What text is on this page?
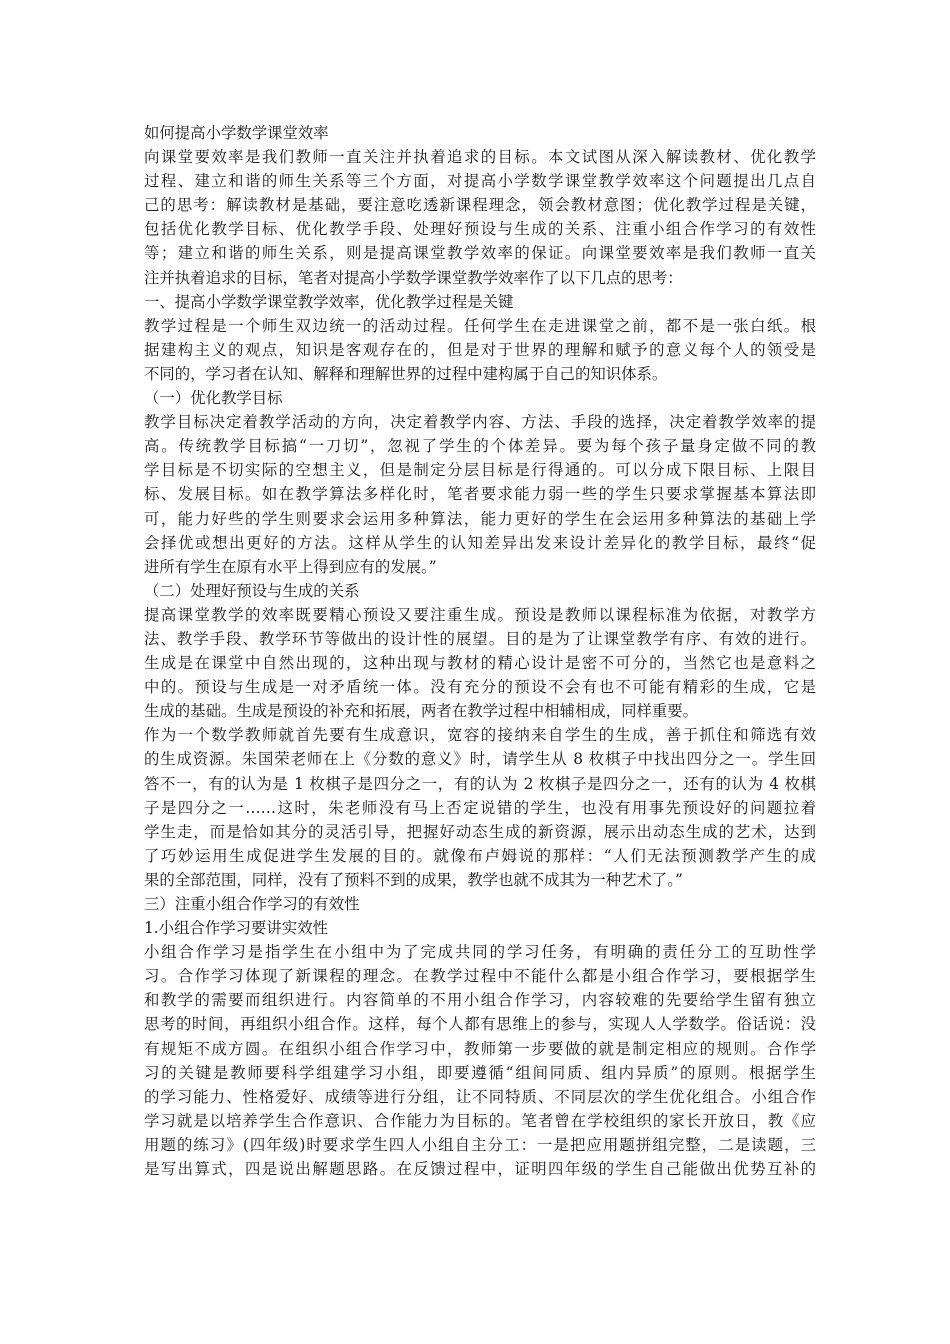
如何提高小学数学课堂效率
向课堂要效率是我们教师一直关注并执着追求的目标。本文试图从深入解读教材、优化教学
过程、建立和谐的师生关系等三个方面，对提高小学数学课堂教学效率这个问题提出几点自
己的思考：解读教材是基础，要注意吃透新课程理念，领会教材意图；优化教学过程是关键，
包括优化教学目标、优化教学手段、处理好预设与生成的关系、注重小组合作学习的有效性
等；建立和谐的师生关系，则是提高课堂教学效率的保证。向课堂要效率是我们教师一直关
注并执着追求的目标，笔者对提高小学数学课堂教学效率作了以下几点的思考：
一、提高小学数学课堂教学效率，优化教学过程是关键
教学过程是一个师生双边统一的活动过程。任何学生在走进课堂之前，都不是一张白纸。根
据建构主义的观点，知识是客观存在的，但是对于世界的理解和赋予的意义每个人的领受是
不同的，学习者在认知、解释和理解世界的过程中建构属于自己的知识体系。
（一）优化教学目标
教学目标决定着教学活动的方向，决定着教学内容、方法、手段的选择，决定着教学效率的提
高。传统教学目标搞“一刀切”，忽视了学生的个体差异。要为每个孩子量身定做不同的教
学目标是不切实际的空想主义，但是制定分层目标是行得通的。可以分成下限目标、上限目
标、发展目标。如在教学算法多样化时，笔者要求能力弱一些的学生只要求掌握基本算法即
可，能力好些的学生则要求会运用多种算法，能力更好的学生在会运用多种算法的基础上学
会择优或想出更好的方法。这样从学生的认知差异出发来设计差异化的教学目标，最终“促
进所有学生在原有水平上得到应有的发展。”
（二）处理好预设与生成的关系
提高课堂教学的效率既要精心预设又要注重生成。预设是教师以课程标准为依据，对教学方
法、教学手段、教学环节等做出的设计性的展望。目的是为了让课堂教学有序、有效的进行。
生成是在课堂中自然出现的，这种出现与教材的精心设计是密不可分的，当然它也是意料之
中的。预设与生成是一对矛盾统一体。没有充分的预设不会有也不可能有精彩的生成，它是
生成的基础。生成是预设的补充和拓展，两者在教学过程中相辅相成，同样重要。
作为一个数学教师就首先要有生成意识，宽容的接纳来自学生的生成，善于抓住和筛选有效
的生成资源。朱国荣老师在上《分数的意义》时，请学生从 8 枚棋子中找出四分之一。学生回
答不一，有的认为是 1 枚棋子是四分之一，有的认为 2 枚棋子是四分之一，还有的认为 4 枚棋
子是四分之一……这时，朱老师没有马上否定说错的学生，也没有用事先预设好的问题拉着
学生走，而是恰如其分的灵活引导，把握好动态生成的新资源，展示出动态生成的艺术，达到
了巧妙运用生成促进学生发展的目的。就像布卢姆说的那样：“人们无法预测教学产生的成
果的全部范围，同样，没有了预料不到的成果，教学也就不成其为一种艺术了。”
三）注重小组合作学习的有效性
1.小组合作学习要讲实效性
小组合作学习是指学生在小组中为了完成共同的学习任务，有明确的责任分工的互助性学
习。合作学习体现了新课程的理念。在教学过程中不能什么都是小组合作学习，要根据学生
和教学的需要而组织进行。内容简单的不用小组合作学习，内容较难的先要给学生留有独立
思考的时间，再组织小组合作。这样，每个人都有思维上的参与，实现人人学数学。俗话说：没
有规矩不成方圆。在组织小组合作学习中，教师第一步要做的就是制定相应的规则。合作学
习的关键是教师要科学组建学习小组，即要遵循“组间同质、组内异质”的原则。根据学生
的学习能力、性格爱好、成绩等进行分组，让不同特质、不同层次的学生优化组合。小组合作
学习就是以培养学生合作意识、合作能力为目标的。笔者曾在学校组织的家长开放日，教《应
用题的练习》(四年级)时要求学生四人小组自主分工：一是把应用题拼组完整，二是读题，三
是写出算式，四是说出解题思路。在反馈过程中，证明四年级的学生自己能做出优势互补的
